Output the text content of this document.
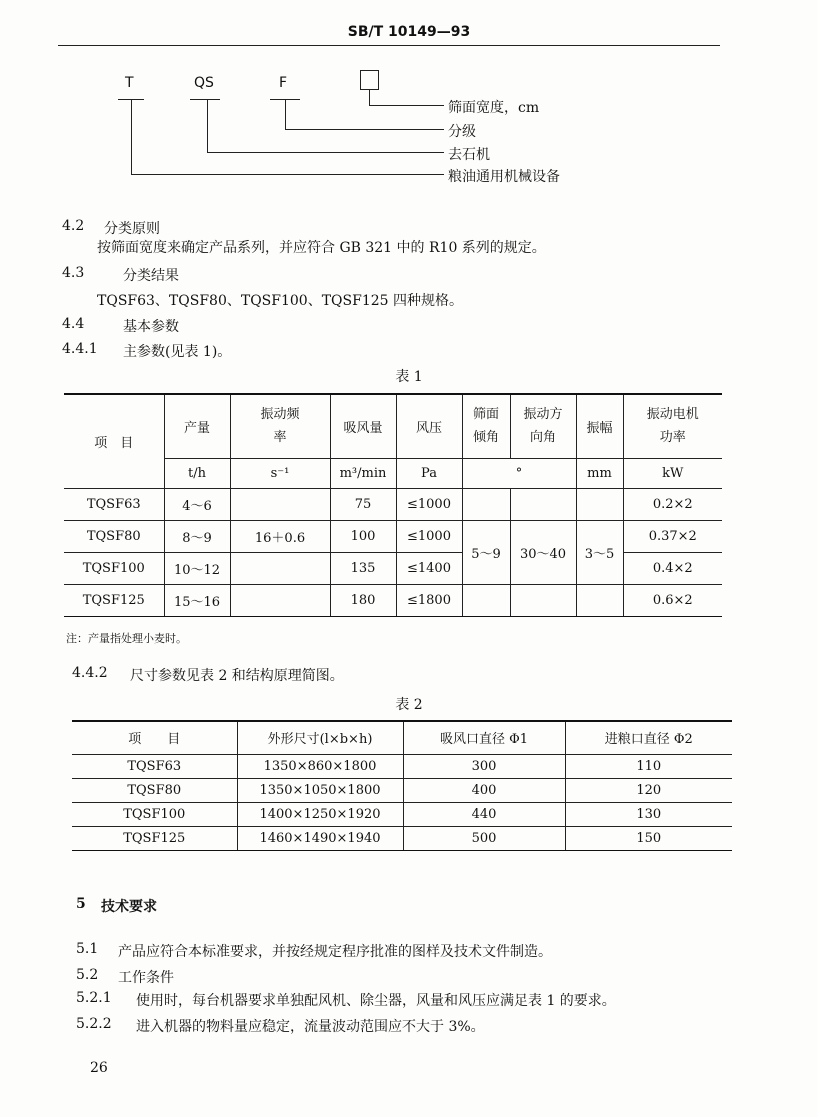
SB/T 10149—93
T	QS	F
筛面宽度，cm
分级
去石机
粮油通用机械设备
4.2 分类原则
按筛面宽度来确定产品系列，并应符合 GB 321 中的 R10 系列的规定。
4.3	分类结果
TQSF63、TQSF80、TQSF100、TQSF125 四种规格。
4.4	基本参数
4.4.1 主参数(见表 1)。
表 1
项　目	产量	振动频率	吸风量	风压	筛面倾角	振动方向角	振幅	振动电机功率

	t/h	s⁻¹	m³/min	Pa	°		mm	kW
TQSF63	4～6		75	≤1000				0.2×2
TQSF80	8～9	16＋0.6	100	≤1000	5～9	30～40	3～5	0.37×2
TQSF100	10～12		135	≤1400				0.4×2
TQSF125	15～16		180	≤1800				0.6×2
注：产量指处理小麦时。
4.4.2 尺寸参数见表 2 和结构原理简图。
表 2
项　　目	外形尺寸(l×b×h)	吸风口直径 Φ1	进粮口直径 Φ2
TQSF63	1350×860×1800	300	110
TQSF80	1350×1050×1800	400	120
TQSF100	1400×1250×1920	440	130
TQSF125	1460×1490×1940	500	150
5 技术要求
5.1 产品应符合本标准要求，并按经规定程序批准的图样及技术文件制造。
5.2 工作条件
5.2.1 使用时，每台机器要求单独配风机、除尘器，风量和风压应满足表 1 的要求。
5.2.2 进入机器的物料量应稳定，流量波动范围应不大于 3%。
26
